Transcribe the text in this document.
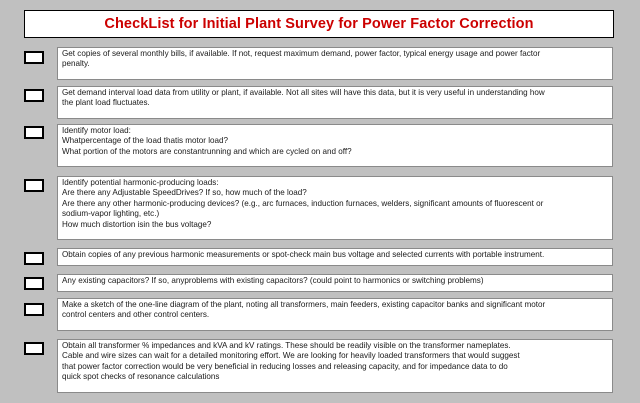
CheckList for Initial Plant Survey for Power Factor Correction
Get copies of several monthly bills, if available. If not, request maximum demand, power factor, typical energy usage and power factor
penalty.
Get demand interval load data from utility or plant, if available. Not all sites will have this data, but it is very useful in understanding how
the plant load fluctuates.
Identify motor load:
Whatpercentage of the load thatis motor load?
What portion of the motors are constantrunning and which are cycled on and off?
Identify potential harmonic-producing loads:
Are there any Adjustable SpeedDrives? If so, how much of the load?
Are there any other harmonic-producing devices? (e.g., arc furnaces, induction furnaces, welders, significant amounts of fluorescent or
sodium-vapor lighting, etc.)
How much distortion isin the bus voltage?
Obtain copies of any previous harmonic measurements or spot-check main bus voltage and selected currents with portable instrument.
Any existing capacitors? If so, anyproblems with existing capacitors? (could point to harmonics or switching problems)
Make a sketch of the one-line diagram of the plant, noting all transformers, main feeders, existing capacitor banks and significant motor
control centers and other control centers.
Obtain all transformer % impedances and kVA and kV ratings. These should be readily visible on the transformer nameplates.
Cable and wire sizes can wait for a detailed monitoring effort. We are looking for heavily loaded transformers that would suggest
that power factor correction would be very beneficial in reducing losses and releasing capacity, and for impedance data to do
quick spot checks of resonance calculations
